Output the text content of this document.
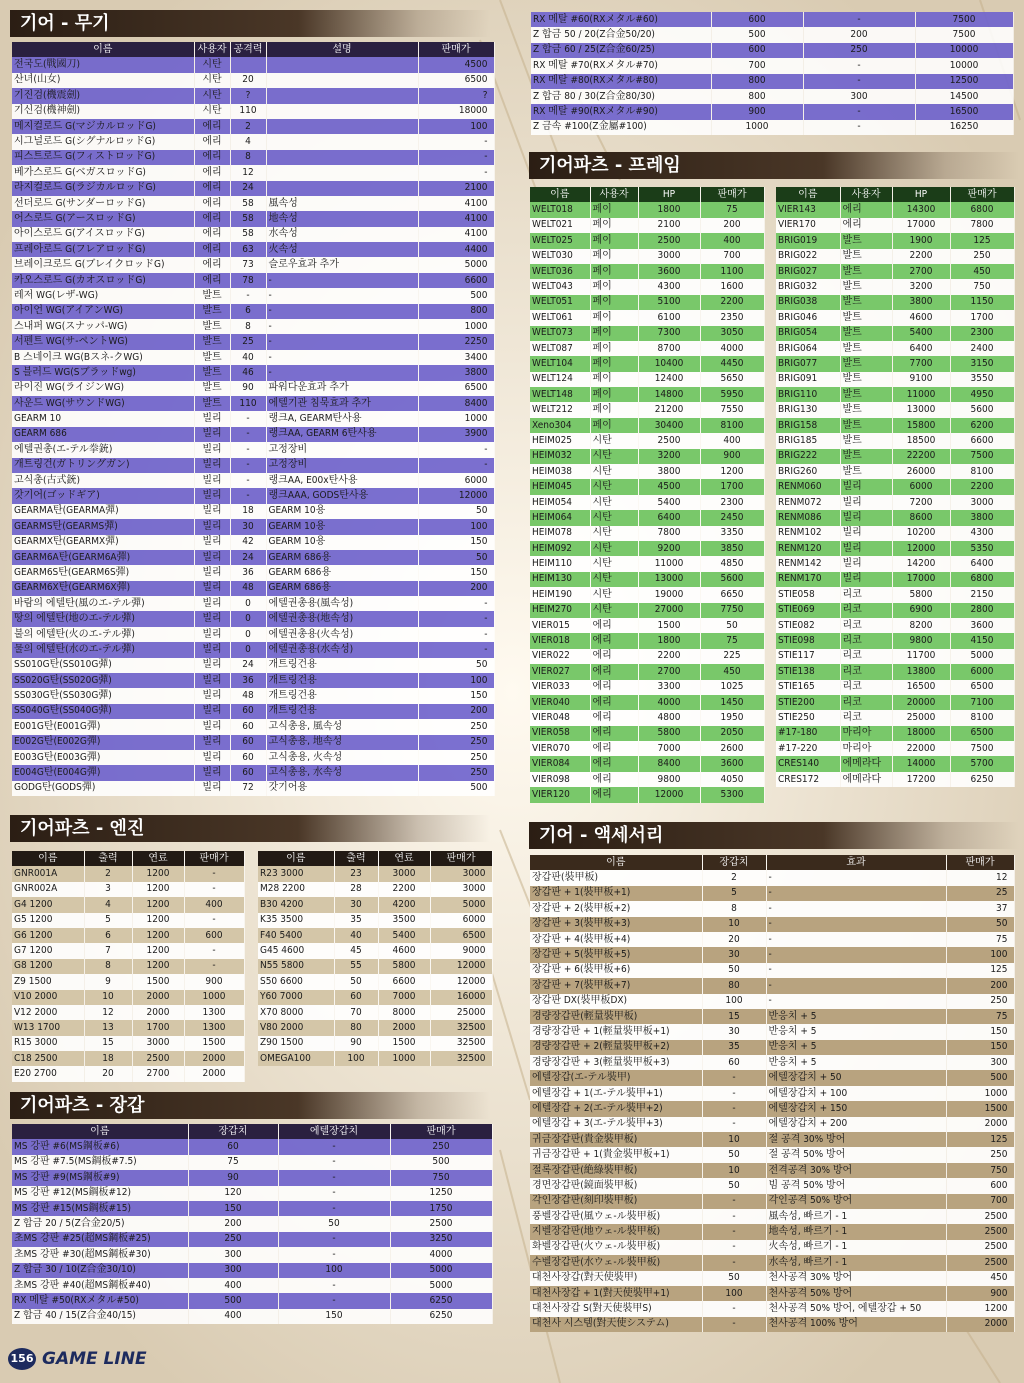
기어 - 무기
이름	사용자	공격력	설명	판매가
전국도(戰國刀)	시탄			4500
산녀(山女)	시탄	20		6500
기진검(機震劍)	시탄	?		?
기신검(機神劍)	시탄	110		18000
메지컬로드 G(マジカルロッドG)	에리	2		100
시그널로드 G(シグナルロッドG)	에리	4		-
피스트로드 G(フィストロッドG)	에리	8		-
베가스로드 G(ベガスロッドG)	에리	12		-
라지컬로드 G(ラジカルロッドG)	에리	24		2100
선더로드 G(サンダーロッドG)	에리	58	風속성	4100
어스로드 G(アースロッドG)	에리	58	地속성	4100
아이스로드 G(アイスロッドG)	에리	58	水속성	4100
프레아로드 G(フレアロッドG)	에리	63	火속성	4400
브레이크로드 G(ブレイクロッドG)	에리	73	슬로우효과 추가	5000
카오스로드 G(カオスロッドG)	에리	78	-	6600
레저 WG(レザ-WG)	발트	-	-	500
아이언 WG(アイアンWG)	발트	6	-	800
스내퍼 WG(スナッパ-WG)	발트	8	-	1000
서펜트 WG(サ-ペントWG)	발트	25	-	2250
B 스네이크 WG(Bスネ-クWG)	발트	40	-	3400
S 블러드 WG(Sブラッドwg)	발트	46	-	3800
라이진 WG(ライジンWG)	발트	90	파워다운효과 추가	6500
사운드 WG(サウンドWG)	발트	110	에텔기관 침묵효과 추가	8400
GEARM 10	빌리	-	랭크A, GEARM탄사용	1000
GEARM 686	빌리	-	랭크AA, GEARM 6탄사용	3900
에텔권총(エ-テル拳銃)	빌리	-	고정장비	-
개트링건(ガトリングガン)	빌리	-	고정장비	-
고식총(古式銃)	빌리	-	랭크AA, E00x탄사용	6000
갓기어(ゴッドギア)	빌리	-	랭크AAA, GODS탄사용	12000
GEARMA탄(GEARMA彈)	빌리	18	GEARM 10용	50
GEARMS탄(GEARMS彈)	빌리	30	GEARM 10용	100
GEARMX탄(GEARMX彈)	빌리	42	GEARM 10용	150
GEARM6A탄(GEARM6A彈)	빌리	24	GEARM 686용	50
GEARM6S탄(GEARM6S彈)	빌리	36	GEARM 686용	150
GEARM6X탄(GEARM6X彈)	빌리	48	GEARM 686용	200
바람의 에텔탄(風のエ-テル彈)	빌리	0	에텔권총용(風속성)	-
땅의 에텔탄(地のエ-テル彈)	빌리	0	에텔권총용(地속성)	-
불의 에텔탄(火のエ-テル彈)	빌리	0	에텔권총용(火속성)	-
물의 에텔탄(水のエ-テル彈)	빌리	0	에텔권총용(水속성)	-
SS010G탄(SS010G彈)	빌리	24	개트링건용	50
SS020G탄(SS020G彈)	빌리	36	개트링건용	100
SS030G탄(SS030G彈)	빌리	48	개트링건용	150
SS040G탄(SS040G彈)	빌리	60	개트링건용	200
E001G탄(E001G彈)	빌리	60	고식총용, 風속성	250
E002G탄(E002G彈)	빌리	60	고식총용, 地속성	250
E003G탄(E003G彈)	빌리	60	고식총용, 火속성	250
E004G탄(E004G彈)	빌리	60	고식총용, 水속성	250
GODG탄(GODS彈)	빌리	72	갓기어용	500
기어파츠 - 엔진
이름	출력	연료	판매가
GNR001A	2	1200	-
GNR002A	3	1200	-
G4 1200	4	1200	400
G5 1200	5	1200	-
G6 1200	6	1200	600
G7 1200	7	1200	-
G8 1200	8	1200	-
Z9 1500	9	1500	900
V10 2000	10	2000	1000
V12 2000	12	2000	1300
W13 1700	13	1700	1300
R15 3000	15	3000	1500
C18 2500	18	2500	2000
E20 2700	20	2700	2000
이름	출력	연료	판매가
R23 3000	23	3000	3000
M28 2200	28	2200	3000
B30 4200	30	4200	5000
K35 3500	35	3500	6000
F40 5400	40	5400	6500
G45 4600	45	4600	9000
N55 5800	55	5800	12000
S50 6600	50	6600	12000
Y60 7000	60	7000	16000
X70 8000	70	8000	25000
V80 2000	80	2000	32500
Z90 1500	90	1500	32500
OMEGA100	100	1000	32500
기어파츠 - 장갑
이름	장갑치	에텔장갑치	판매가
MS 강판 #6(MS鋼板#6)	60	-	250
MS 강판 #7.5(MS鋼板#7.5)	75	-	500
MS 강판 #9(MS鋼板#9)	90	-	750
MS 강판 #12(MS鋼板#12)	120	-	1250
MS 강판 #15(MS鋼板#15)	150	-	1750
Z 합금 20 / 5(Z合金20/5)	200	50	2500
초MS 강판 #25(超MS鋼板#25)	250	-	3250
초MS 강판 #30(超MS鋼板#30)	300	-	4000
Z 합금 30 / 10(Z合金30/10)	300	100	5000
초MS 강판 #40(超MS鋼板#40)	400	-	5000
RX 메탈 #50(RXメタル#50)	500	-	6250
Z 합금 40 / 15(Z合金40/15)	400	150	6250
RX 메탈 #60(RXメタル#60)	600	-	7500
Z 합금 50 / 20(Z合金50/20)	500	200	7500
Z 합금 60 / 25(Z合金60/25)	600	250	10000
RX 메탈 #70(RXメタル#70)	700	-	10000
RX 메탈 #80(RXメタル#80)	800	-	12500
Z 합금 80 / 30(Z合金80/30)	800	300	14500
RX 메탈 #90(RXメタル#90)	900	-	16500
Z 금속 #100(Z金屬#100)	1000	-	16250
기어파츠 - 프레임
이름	사용자	HP	판매가
WELT018	페이	1800	75
WELT021	페이	2100	200
WELT025	페이	2500	400
WELT030	페이	3000	700
WELT036	페이	3600	1100
WELT043	페이	4300	1600
WELT051	페이	5100	2200
WELT061	페이	6100	2350
WELT073	페이	7300	3050
WELT087	페이	8700	4000
WELT104	페이	10400	4450
WELT124	페이	12400	5650
WELT148	페이	14800	5950
WELT212	페이	21200	7550
Xeno304	페이	30400	8100
HEIM025	시탄	2500	400
HEIM032	시탄	3200	900
HEIM038	시탄	3800	1200
HEIM045	시탄	4500	1700
HEIM054	시탄	5400	2300
HEIM064	시탄	6400	2450
HEIM078	시탄	7800	3350
HEIM092	시탄	9200	3850
HEIM110	시탄	11000	4850
HEIM130	시탄	13000	5600
HEIM190	시탄	19000	6650
HEIM270	시탄	27000	7750
VIER015	에리	1500	50
VIER018	에리	1800	75
VIER022	에리	2200	225
VIER027	에리	2700	450
VIER033	에리	3300	1025
VIER040	에리	4000	1450
VIER048	에리	4800	1950
VIER058	에리	5800	2050
VIER070	에리	7000	2600
VIER084	에리	8400	3600
VIER098	에리	9800	4050
VIER120	에리	12000	5300
이름	사용자	HP	판매가
VIER143	에리	14300	6800
VIER170	에리	17000	7800
BRIG019	발트	1900	125
BRIG022	발트	2200	250
BRIG027	발트	2700	450
BRIG032	발트	3200	750
BRIG038	발트	3800	1150
BRIG046	발트	4600	1700
BRIG054	발트	5400	2300
BRIG064	발트	6400	2400
BRIG077	발트	7700	3150
BRIG091	발트	9100	3550
BRIG110	발트	11000	4950
BRIG130	발트	13000	5600
BRIG158	발트	15800	6200
BRIG185	발트	18500	6600
BRIG222	발트	22200	7500
BRIG260	발트	26000	8100
RENM060	빌리	6000	2200
RENM072	빌리	7200	3000
RENM086	빌리	8600	3800
RENM102	빌리	10200	4300
RENM120	빌리	12000	5350
RENM142	빌리	14200	6400
RENM170	빌리	17000	6800
STIE058	리코	5800	2150
STIE069	리코	6900	2800
STIE082	리코	8200	3600
STIE098	리코	9800	4150
STIE117	리코	11700	5000
STIE138	리코	13800	6000
STIE165	리코	16500	6500
STIE200	리코	20000	7100
STIE250	리코	25000	8100
#17-180	마리아	18000	6500
#17-220	마리아	22000	7500
CRES140	에메라다	14000	5700
CRES172	에메라다	17200	6250
기어 - 액세서리
이름	장갑치	효과	판매가
장갑판(裝甲板)	2	-	12
장갑판 + 1(裝甲板+1)	5	-	25
장갑판 + 2(裝甲板+2)	8	-	37
장갑판 + 3(裝甲板+3)	10	-	50
장갑판 + 4(裝甲板+4)	20	-	75
장갑판 + 5(裝甲板+5)	30	-	100
장갑판 + 6(裝甲板+6)	50	-	125
장갑판 + 7(裝甲板+7)	80	-	200
장갑판 DX(裝甲板DX)	100	-	250
경량장갑판(輕量裝甲板)	15	반응치 + 5	75
경량장갑판 + 1(輕量裝甲板+1)	30	반응치 + 5	150
경량장갑판 + 2(輕量裝甲板+2)	35	반응치 + 5	150
경량장갑판 + 3(輕量裝甲板+3)	60	반응치 + 5	300
에텔장갑(エ-テル裝甲)	-	에텔장갑치 + 50	500
에텔장갑 + 1(エ-テル裝甲+1)	-	에텔장갑치 + 100	1000
에텔장갑 + 2(エ-テル裝甲+2)	-	에텔장갑치 + 150	1500
에텔장갑 + 3(エ-テル裝甲+3)	-	에텔장갑치 + 200	2000
귀금장갑판(貴金裝甲板)	10	절 공격 30% 방어	125
귀금장갑판 + 1(貴金裝甲板+1)	50	절 공격 50% 방어	250
절록장갑판(絶綠裝甲板)	10	전격공격 30% 방어	750
경면장갑판(鏡面裝甲板)	50	빔 공격 50% 방어	600
각인장갑판(刻印裝甲板)	-	각인공격 50% 방어	700
풍벨장갑판(風ウェ-ル裝甲板)	-	風속성, 빠르기 - 1	2500
지벨장갑판(地ウェ-ル裝甲板)	-	地속성, 빠르기 - 1	2500
화벨장갑판(火ウェ-ル裝甲板)	-	火속성, 빠르기 - 1	2500
수벨장갑판(水ウェ-ル裝甲板)	-	水속성, 빠르기 - 1	2500
대천사장갑(對天使裝甲)	50	천사공격 30% 방어	450
대천사장갑 + 1(對天使裝甲+1)	100	천사공격 50% 방어	900
대천사장갑 S(對天使裝甲S)	-	천사공격 50% 방어, 에텔장갑 + 50	1200
대천사 시스템(對天使システム)	-	천사공격 100% 방어	2000
156 GAME LINE
